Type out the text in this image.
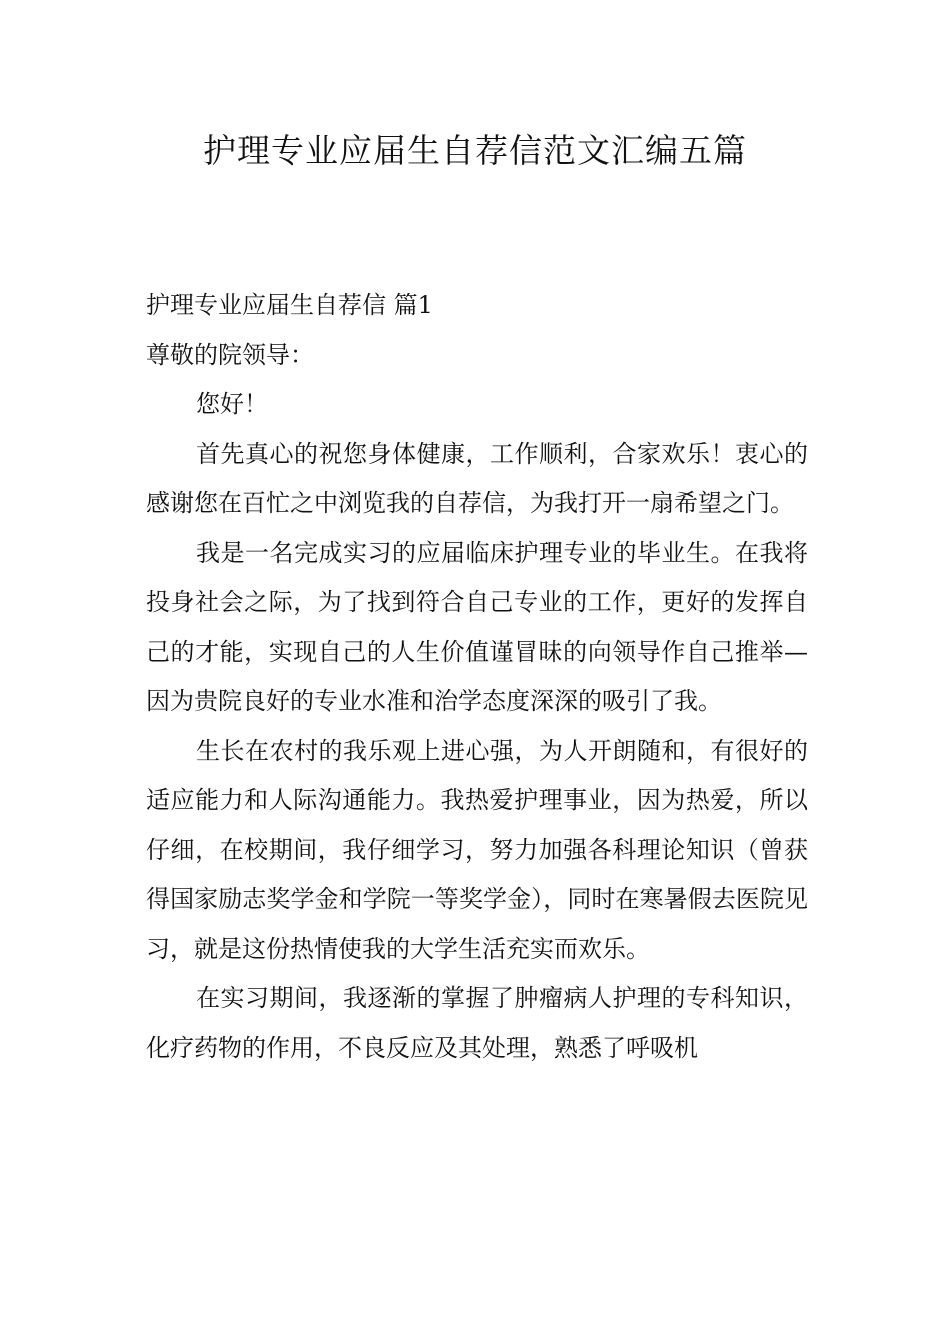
护理专业应届生自荐信范文汇编五篇

护理专业应届生自荐信 篇1

尊敬的院领导：

您好！

首先真心的祝您身体健康，工作顺利，合家欢乐！衷心的感谢您在百忙之中浏览我的自荐信，为我打开一扇希望之门。

我是一名完成实习的应届临床护理专业的毕业生。在我将投身社会之际，为了找到符合自己专业的工作，更好的发挥自己的才能，实现自己的人生价值谨冒昧的向领导作自己推举—因为贵院良好的专业水准和治学态度深深的吸引了我。

生长在农村的我乐观上进心强，为人开朗随和，有很好的适应能力和人际沟通能力。我热爱护理事业，因为热爱，所以仔细，在校期间，我仔细学习，努力加强各科理论知识（曾获得国家励志奖学金和学院一等奖学金），同时在寒暑假去医院见习，就是这份热情使我的大学生活充实而欢乐。

在实习期间，我逐渐的掌握了肿瘤病人护理的专科知识，化疗药物的作用，不良反应及其处理，熟悉了呼吸机
